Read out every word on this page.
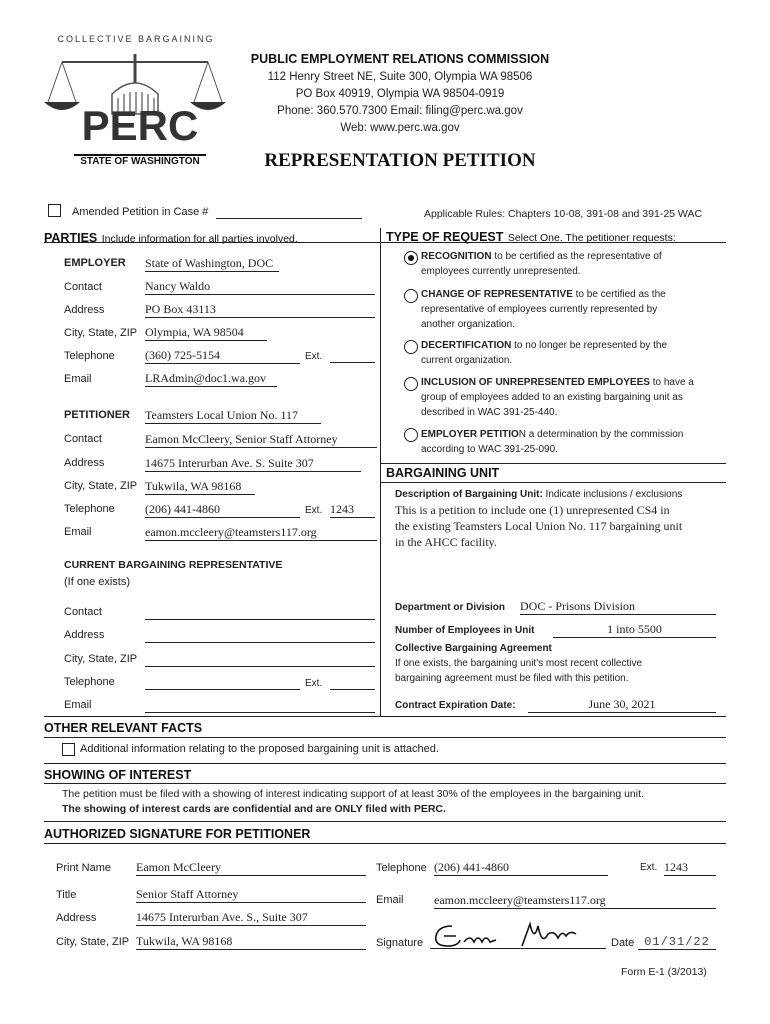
COLLECTIVE BARGAINING
PERC
STATE OF WASHINGTON
PUBLIC EMPLOYMENT RELATIONS COMMISSION
112 Henry Street NE, Suite 300, Olympia WA 98506
PO Box 40919, Olympia WA 98504-0919
Phone: 360.570.7300 Email: filing@perc.wa.gov
Web: www.perc.wa.gov
REPRESENTATION PETITION
Amended Petition in Case #	Applicable Rules: Chapters 10-08, 391-08 and 391-25 WAC
PARTIES Include information for all parties involved.
EMPLOYER State of Washington, DOC
Contact	Nancy Waldo
Address	PO Box 43113
City, State, ZIP Olympia, WA 98504
Telephone	(360) 725-5154	Ext.
Email	LRAdmin@doc1.wa.gov
PETITIONER Teamsters Local Union No. 117
Contact	Eamon McCleery, Senior Staff Attorney
Address	14675 Interurban Ave. S. Suite 307
City, State, ZIP Tukwila, WA 98168
Telephone	(206) 441-4860	Ext. 1243
Email	eamon.mccleery@teamsters117.org
CURRENT BARGAINING REPRESENTATIVE
(If one exists)
Contact
Address
City, State, ZIP
Telephone	Ext.
Email
TYPE OF REQUEST Select One. The petitioner requests:
RECOGNITION to be certified as the representative of
employees currently unrepresented.
CHANGE OF REPRESENTATIVE to be certified as the
representative of employees currently represented by
another organization.
DECERTIFICATION to no longer be represented by the
current organization.
INCLUSION OF UNREPRESENTED EMPLOYEES to have a
group of employees added to an existing bargaining unit as
described in WAC 391-25-440.
EMPLOYER PETITION a determination by the commission
according to WAC 391-25-090.
BARGAINING UNIT
Description of Bargaining Unit: Indicate inclusions / exclusions
This is a petition to include one (1) unrepresented CS4 in
the existing Teamsters Local Union No. 117 bargaining unit
in the AHCC facility.
Department or Division DOC - Prisons Division
Number of Employees in Unit	1 into 5500
Collective Bargaining Agreement
If one exists, the bargaining unit's most recent collective
bargaining agreement must be filed with this petition.
Contract Expiration Date:	June 30, 2021
OTHER RELEVANT FACTS
Additional information relating to the proposed bargaining unit is attached.
SHOWING OF INTEREST
The petition must be filed with a showing of interest indicating support of at least 30% of the employees in the bargaining unit.
The showing of interest cards are confidential and are ONLY filed with PERC.
AUTHORIZED SIGNATURE FOR PETITIONER
Print Name Eamon McCleery	Telephone (206) 441-4860	Ext. 1243
Title	Senior Staff Attorney	Email	eamon.mccleery@teamsters117.org
Address	14675 Interurban Ave. S., Suite 307
City, State, ZIP Tukwila, WA 98168	Signature	Date 01/31/22
Form E-1 (3/2013)
